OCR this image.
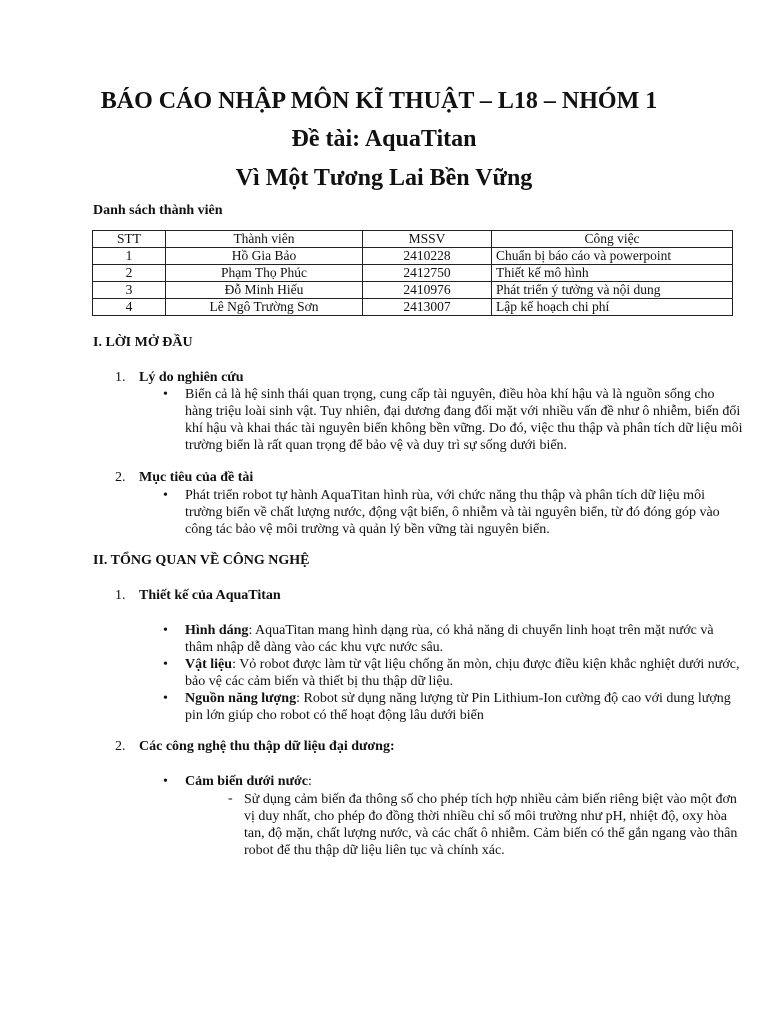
BÁO CÁO NHẬP MÔN KĨ THUẬT – L18 – NHÓM 1
Đề tài: AquaTitan
Vì Một Tương Lai Bền Vững
Danh sách thành viên
STT	Thành viên	MSSV	Công việc
1	Hồ Gia Bảo	2410228	Chuẩn bị báo cáo và powerpoint
2	Phạm Thọ Phúc	2412750	Thiết kế mô hình
3	Đỗ Minh Hiếu	2410976	Phát triển ý tưởng và nội dung
4	Lê Ngô Trường Sơn	2413007	Lập kế hoạch chi phí
I. LỜI MỞ ĐẦU
1. Lý do nghiên cứu
• Biển cả là hệ sinh thái quan trọng, cung cấp tài nguyên, điều hòa khí hậu và là nguồn sống cho hàng triệu loài sinh vật. Tuy nhiên, đại dương đang đối mặt với nhiều vấn đề như ô nhiễm, biến đổi khí hậu và khai thác tài nguyên biển không bền vững. Do đó, việc thu thập và phân tích dữ liệu môi trường biển là rất quan trọng để bảo vệ và duy trì sự sống dưới biển.
2. Mục tiêu của đề tài
• Phát triển robot tự hành AquaTitan hình rùa, với chức năng thu thập và phân tích dữ liệu môi trường biển về chất lượng nước, động vật biển, ô nhiễm và tài nguyên biển, từ đó đóng góp vào công tác bảo vệ môi trường và quản lý bền vững tài nguyên biển.
II. TỔNG QUAN VỀ CÔNG NGHỆ
1. Thiết kế của AquaTitan
• Hình dáng: AquaTitan mang hình dạng rùa, có khả năng di chuyển linh hoạt trên mặt nước và thâm nhập dễ dàng vào các khu vực nước sâu.
• Vật liệu: Vỏ robot được làm từ vật liệu chống ăn mòn, chịu được điều kiện khắc nghiệt dưới nước, bảo vệ các cảm biến và thiết bị thu thập dữ liệu.
• Nguồn năng lượng: Robot sử dụng năng lượng từ Pin Lithium-Ion cường độ cao với dung lượng pin lớn giúp cho robot có thể hoạt động lâu dưới biển
2. Các công nghệ thu thập dữ liệu đại dương:
• Cảm biến dưới nước:
- Sử dụng cảm biến đa thông số cho phép tích hợp nhiều cảm biến riêng biệt vào một đơn vị duy nhất, cho phép đo đồng thời nhiều chỉ số môi trường như pH, nhiệt độ, oxy hòa tan, độ mặn, chất lượng nước, và các chất ô nhiễm. Cảm biến có thể gắn ngang vào thân robot để thu thập dữ liệu liên tục và chính xác.
